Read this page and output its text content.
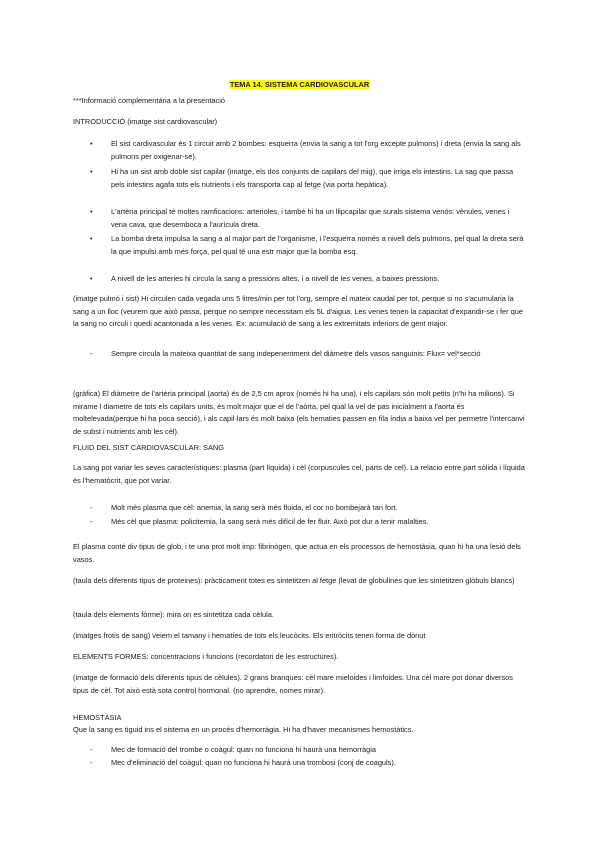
TEMA 14. SISTEMA CARDIOVASCULAR
***Informació complementària a la presentació
INTRODUCCIÓ (imatge sist cardiovascular)
• El sist cardivascular és 1 circuit amb 2 bombes: esquerra (envia la sang a tot l'org excepte pulmons) i dreta (envia la sang als pulmons per oxigenar-se).
• Hi ha un sist amb doble sist capilar (imatge, els dos conjunts de capilars del mig), que irriga els intestins. La sag que passa pels intestins agafa tots els nutrients i els transporta cap al fetge (via porta hepàtica).
• L'artèria principal té moltes ramficacions: arterioles, i també hi ha un llipcapilar que surals sistema venós: vènules, venes i vena cava, que desemboca a l'aurícula dreta.
• La bomba dreta impulsa la sang a al major part de l'organisme, i l'esquerra només a nivell dels pulmons, pel qual la dreta serà la que impulsi amb més força, pel qual té una estr major que la bomba esq.
• A nivell de les arteries hi circula la sang a pressions altes, i a nivell de les venes, a baixes pressions.
(imatge pulmó i sist) Hi circulen cada vegada uns 5 litres/min per tot l'org, sempre el mateix caudal per tot, perque si no s'acumularia la sang a un lloc (veurem que això passa, perque no sempre necessitam els 5L d'aigua. Les venes tenen la capacitat d'expandir-se i fer que la sang no circuli i quedi acantonada a les venes. Ex: acumulació de sang a les extremitats inferiors de gent major.
-	Sempre circula la mateixa quantitat de sang indepenentment del diàmetre dels vasos sanguinis: Flux= vel*secció
(gràfica) El diàmetre de l'artèria principal (aorta) és de 2,5 cm aprox (només hi ha una), i els capilars són molt petits (n'hi ha milions). Si mirame l diametre de tots els capilars units, és molt major que el de l'aòrta, pel qual la vel de pas inicialment a l'aorta és moltelevada(perque hi ha poca secció), i als capil·lars és molt baixa (els hematies passen en fila índia a baixa vel per permetre l'intercanvi de subst i nutrients amb les cèl).
FLUID DEL SIST CARDIOVASCULAR: SANG
La sang pot variar les seves característiques: plasma (part líquida) i cèl (corpuscules cel, parts de cel). La relacio entre part sòlida i líquida és l'hematòcrit, que pot variar.
-	Molt més plasma que cèl: anemia, la sang serà més fluida, el cor no bombejarà tan fort.
-	Més cèl que plasma: policitemia, la sang serà més difícil de fer fluir. Això pot dur a tenir malalties.
El plasma conté div tipus de glob, i te una prot molt imp: fibrinògen, que actua en els processos de hemostàsia, quan hi ha una lesió dels vasos.
(taula dels diferents tipus de proteines): pràcticament totes es sintetitzen al fetge (levat de globulines que les sintetitzen glòbuls blancs)
(taula dels elements fòrme): mira on es sintetitza cada cèlula.
(imatges frotis de sang) veiem el tamany i hematíes de tots els leucòcits. Els eritròcits tenen forma de dònut
ELEMENTS FORMES: concentracions i funcions (recordatori de les estructures).
(imatge de formació dels diferents tipus de cèlules). 2 grans branques: cèl mare mieloides i limfoides. Una cèl mare pot donar diversos tipus de cèl. Tot això està sota control hormonal. (no aprendre, nomes mirar).
HEMOSTÀSIA
Que la sang es tiguid ins el sistema en un procés d'hemorràgia. Hi ha d'haver mecanismes hemostàtics.
-	Mec de formació del trombe o coàgul: quan no funciona hi haurà una hemorràgia
-	Mec d'eliminació del coàgul: quan no funciona hi haurà una trombosi (conj de coaguls).
